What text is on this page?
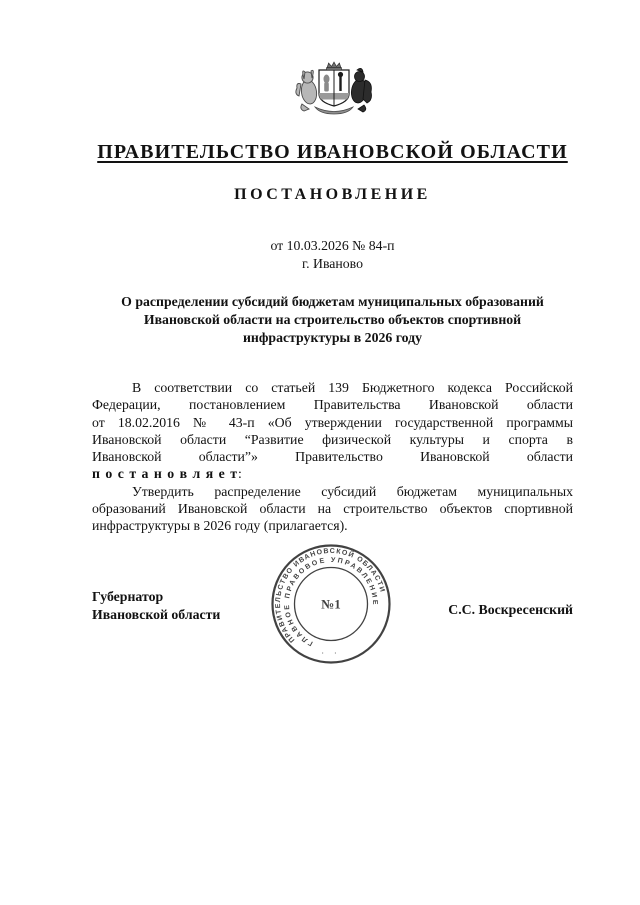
ПРАВИТЕЛЬСТВО ИВАНОВСКОЙ ОБЛАСТИ
ПОСТАНОВЛЕНИЕ
от 10.03.2026 № 84-п
г. Иваново
О распределении субсидий бюджетам муниципальных образований
Ивановской области на строительство объектов спортивной
инфраструктуры в 2026 году
В соответствии со статьей 139 Бюджетного кодекса Российской
Федерации, постановлением Правительства Ивановской области
от 18.02.2016 № 43-п «Об утверждении государственной программы
Ивановской области “Развитие физической культуры и спорта в
Ивановской области”» Правительство Ивановской области
п о с т а н о в л я е т:
Утвердить распределение субсидий бюджетам муниципальных
образований Ивановской области на строительство объектов спортивной
инфраструктуры в 2026 году (прилагается).
Губернатор
Ивановской области	С.С. Воскресенский
ПРАВИТЕЛЬСТВО ИВАНОВСКОЙ ОБЛАСТИ
ГЛАВНОЕ ПРАВОВОЕ УПРАВЛЕНИЕ
· ·
№1
